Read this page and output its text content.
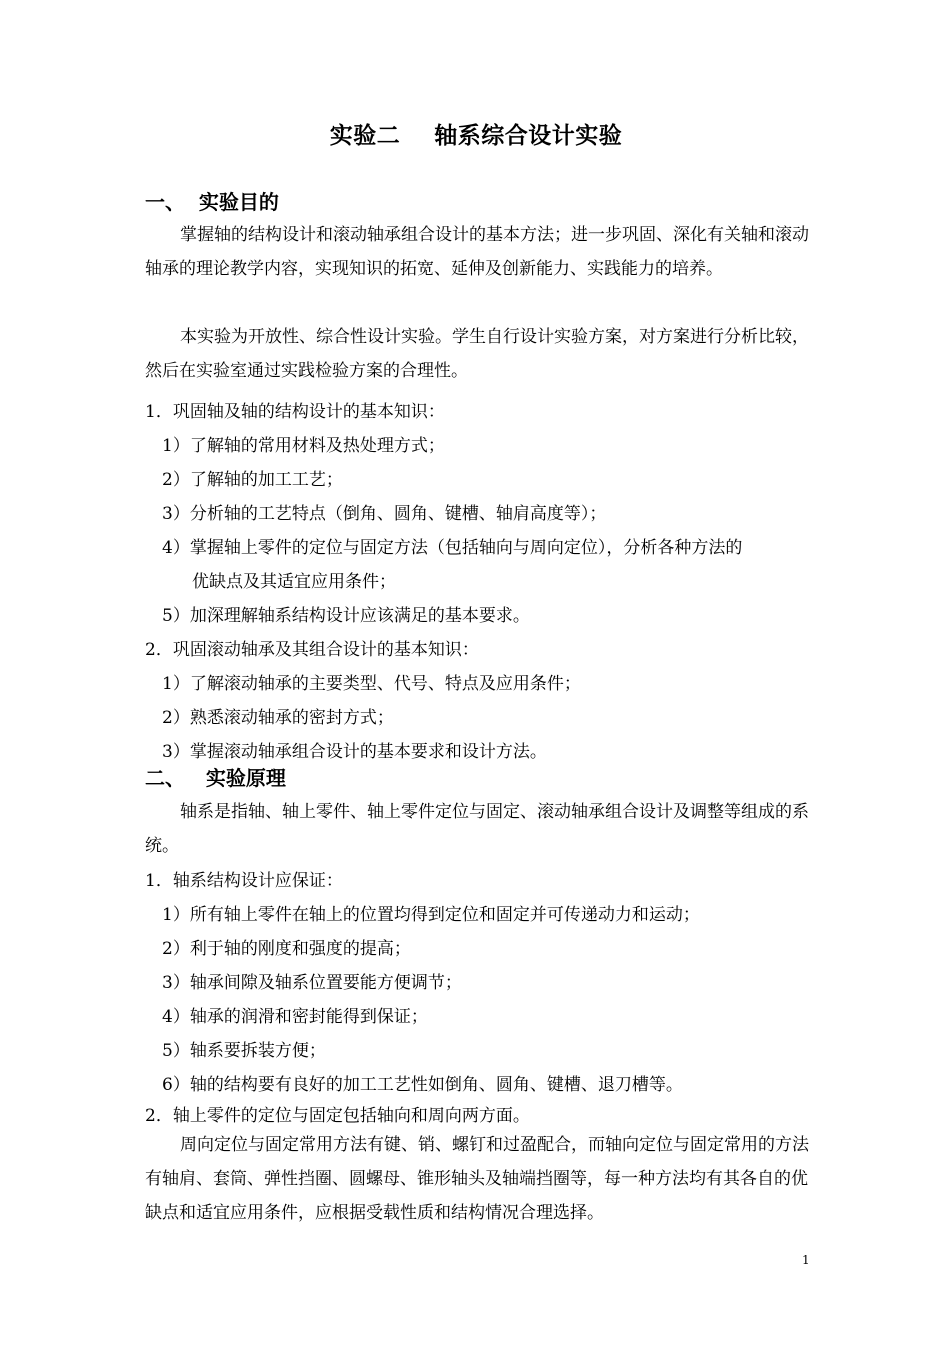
实验二    轴系综合设计实验
一、  实验目的
掌握轴的结构设计和滚动轴承组合设计的基本方法；进一步巩固、深化有关轴和滚动轴承的理论教学内容，实现知识的拓宽、延伸及创新能力、实践能力的培养。
本实验为开放性、综合性设计实验。学生自行设计实验方案，对方案进行分析比较，然后在实验室通过实践检验方案的合理性。
1．巩固轴及轴的结构设计的基本知识：
1）了解轴的常用材料及热处理方式；
2）了解轴的加工工艺；
3）分析轴的工艺特点（倒角、圆角、键槽、轴肩高度等）；
4）掌握轴上零件的定位与固定方法（包括轴向与周向定位），分析各种方法的
优缺点及其适宜应用条件；
5）加深理解轴系结构设计应该满足的基本要求。
2．巩固滚动轴承及其组合设计的基本知识：
1）了解滚动轴承的主要类型、代号、特点及应用条件；
2）熟悉滚动轴承的密封方式；
3）掌握滚动轴承组合设计的基本要求和设计方法。
二、   实验原理
轴系是指轴、轴上零件、轴上零件定位与固定、滚动轴承组合设计及调整等组成的系统。
1．轴系结构设计应保证：
1）所有轴上零件在轴上的位置均得到定位和固定并可传递动力和运动；
2）利于轴的刚度和强度的提高；
3）轴承间隙及轴系位置要能方便调节；
4）轴承的润滑和密封能得到保证；
5）轴系要拆装方便；
6）轴的结构要有良好的加工工艺性如倒角、圆角、键槽、退刀槽等。
2．轴上零件的定位与固定包括轴向和周向两方面。
周向定位与固定常用方法有键、销、螺钉和过盈配合，而轴向定位与固定常用的方法有轴肩、套筒、弹性挡圈、圆螺母、锥形轴头及轴端挡圈等，每一种方法均有其各自的优缺点和适宜应用条件，应根据受载性质和结构情况合理选择。
1
